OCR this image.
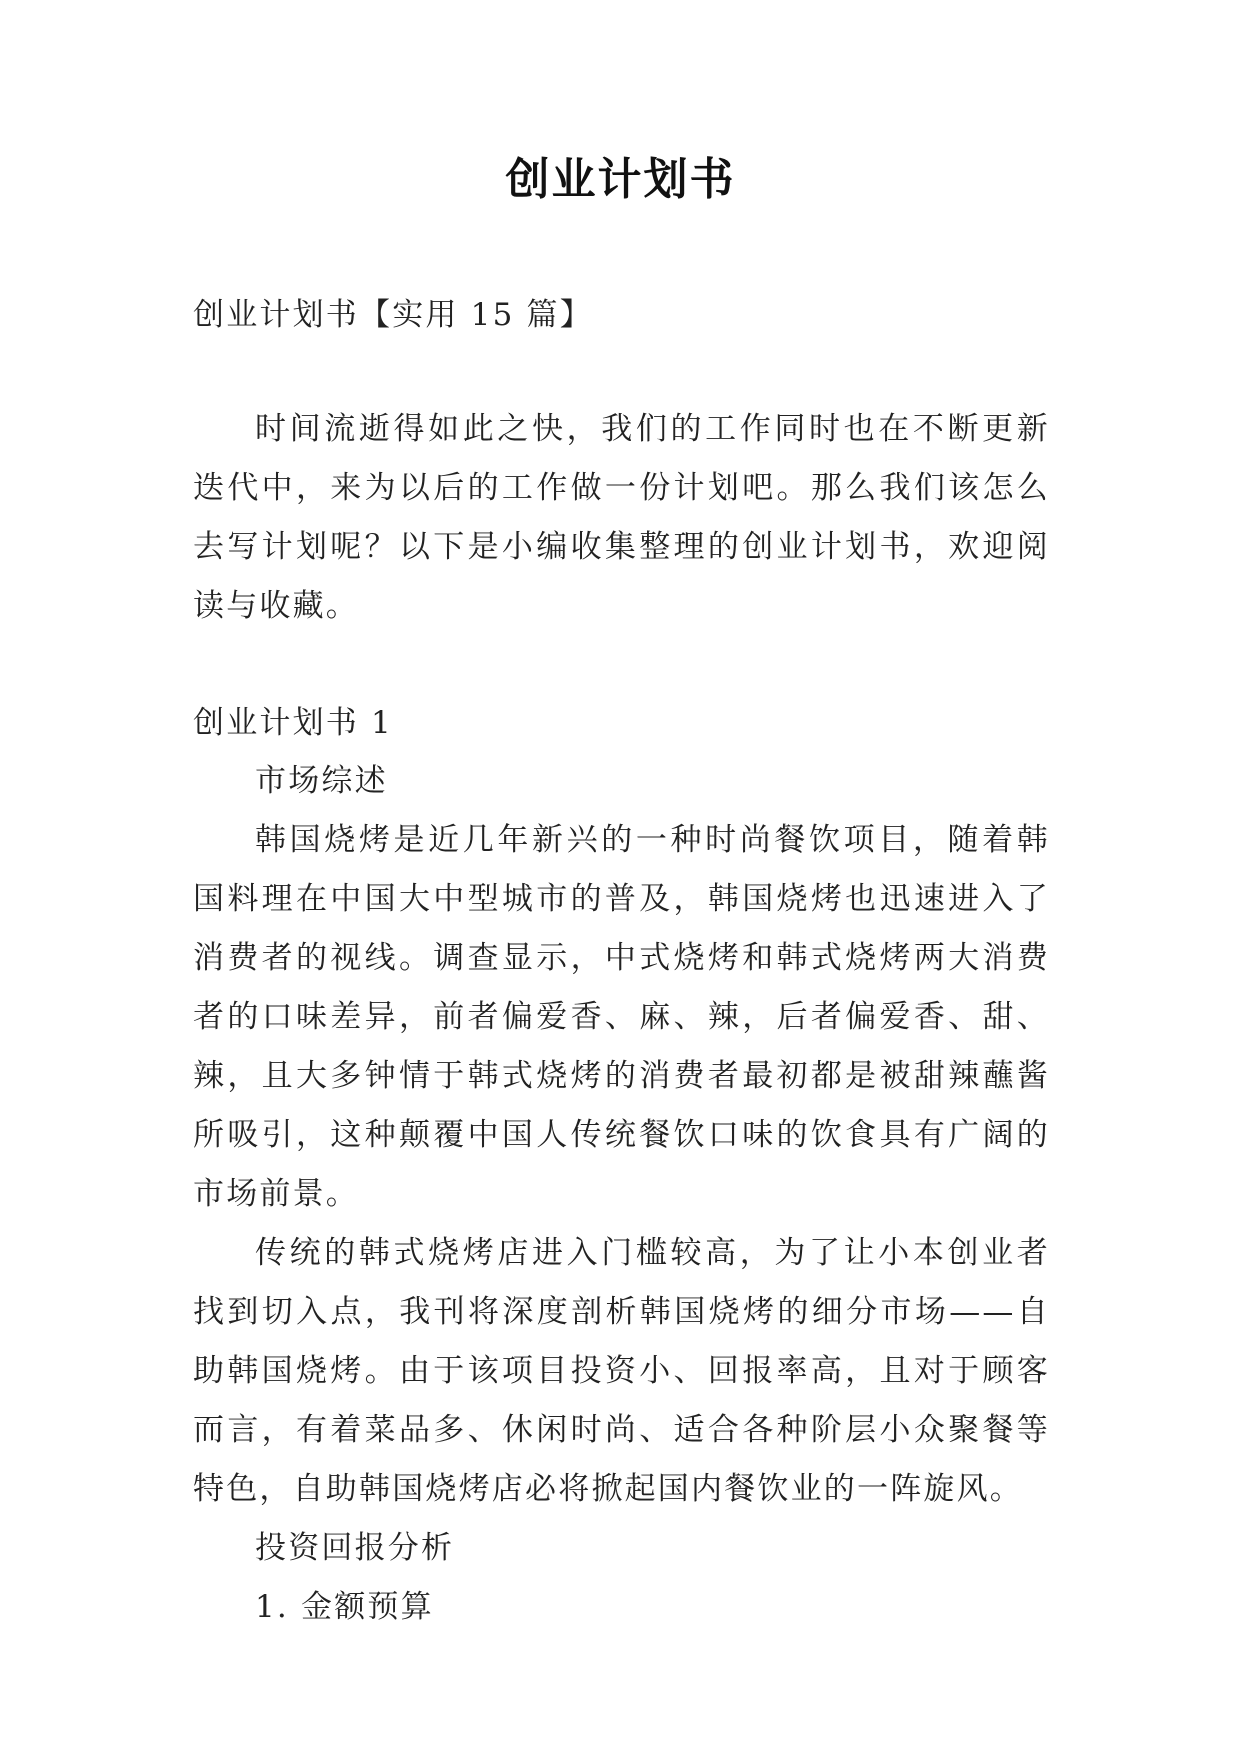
创业计划书
创业计划书【实用 15 篇】
时间流逝得如此之快，我们的工作同时也在不断更新迭代中，来为以后的工作做一份计划吧。那么我们该怎么去写计划呢？以下是小编收集整理的创业计划书，欢迎阅读与收藏。
创业计划书 1

市场综述

韩国烧烤是近几年新兴的一种时尚餐饮项目，随着韩国料理在中国大中型城市的普及，韩国烧烤也迅速进入了消费者的视线。调查显示，中式烧烤和韩式烧烤两大消费者的口味差异，前者偏爱香、麻、辣，后者偏爱香、甜、辣，且大多钟情于韩式烧烤的消费者最初都是被甜辣蘸酱所吸引，这种颠覆中国人传统餐饮口味的饮食具有广阔的市场前景。

传统的韩式烧烤店进入门槛较高，为了让小本创业者找到切入点，我刊将深度剖析韩国烧烤的细分市场——自助韩国烧烤。由于该项目投资小、回报率高，且对于顾客而言，有着菜品多、休闲时尚、适合各种阶层小众聚餐等特色，自助韩国烧烤店必将掀起国内餐饮业的一阵旋风。

投资回报分析

1. 金额预算
